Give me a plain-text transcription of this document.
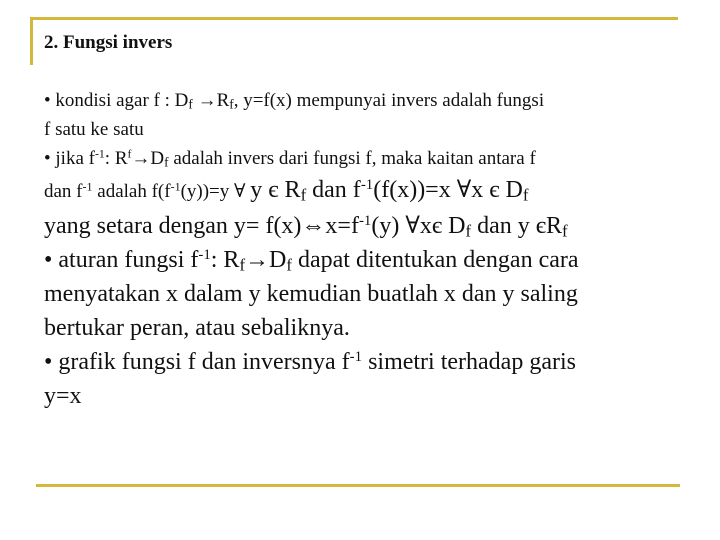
2. Fungsi invers
• kondisi agar f : $D_f \to R_f$, y=f(x) mempunyai invers adalah fungsi
f satu ke satu
• jika $f^{-1}$: $R^f\to D_f$ adalah invers dari fungsi f, maka kaitan antara f
dan $f^{-1}$ adalah $f(f^{-1}(y))=y$ ∀ y є $R_f$ dan $f^{-1}(f(x))=x$ ∀x є $D_f$
yang setara dengan $y= f(x)\Leftrightarrow x=f^{-1}(y)$ ∀xє $D_f$ dan y $єR_f$
• aturan fungsi $f^{-1}$: $R_f\to D_f$ dapat ditentukan dengan cara
menyatakan x dalam y kemudian buatlah x dan y saling
bertukar peran, atau sebaliknya.
• grafik fungsi f dan inversnya $f^{-1}$ simetri terhadap garis
y=x
